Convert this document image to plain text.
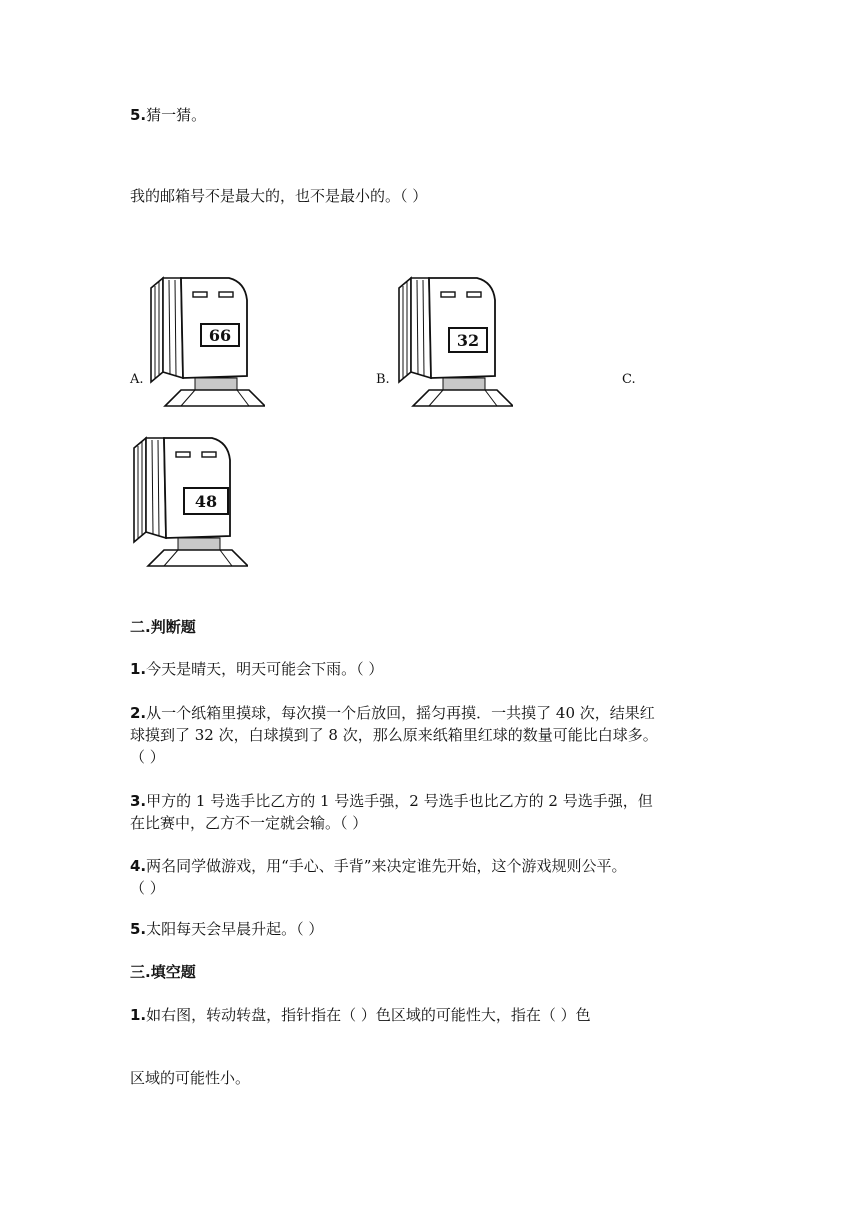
5.猜一猜。
我的邮箱号不是最大的，也不是最小的。（ ）
A.
66
B.
32
C.
48
二.判断题
1.今天是晴天，明天可能会下雨。（ ）
2.从一个纸箱里摸球，每次摸一个后放回，摇匀再摸．一共摸了 40 次，结果红
球摸到了 32 次，白球摸到了 8 次，那么原来纸箱里红球的数量可能比白球多。
（ ）
3.甲方的 1 号选手比乙方的 1 号选手强，2 号选手也比乙方的 2 号选手强，但
在比赛中，乙方不一定就会输。（ ）
4.两名同学做游戏，用“手心、手背”来决定谁先开始，这个游戏规则公平。
（ ）
5.太阳每天会早晨升起。（ ）
三.填空题
1.如右图，转动转盘，指针指在（ ）色区域的可能性大，指在（ ）色
区域的可能性小。
